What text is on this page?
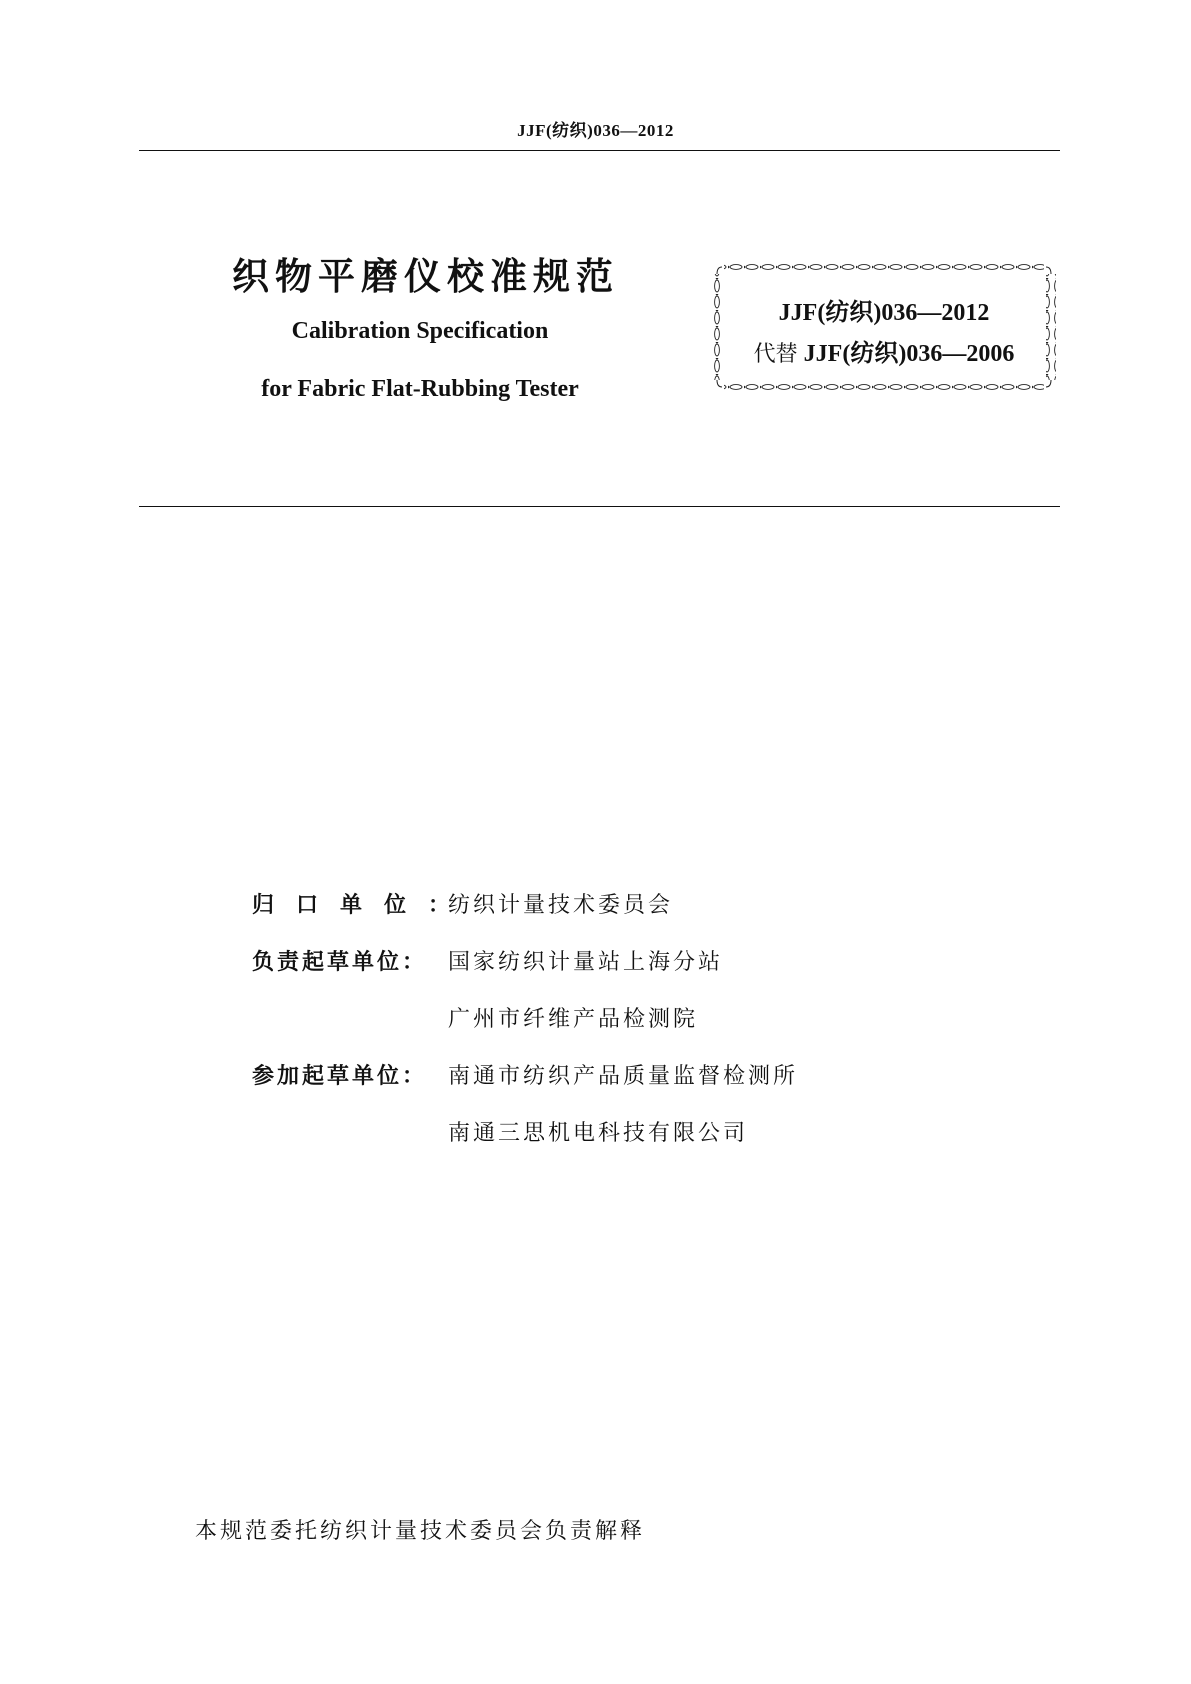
JJF(纺织)036—2012
织物平磨仪校准规范
Calibration Specification
for Fabric Flat-Rubbing Tester
JJF(纺织)036—2012
代替 JJF(纺织)036—2006
归口单位：
纺织计量技术委员会
负责起草单位： 国家纺织计量站上海分站
广州市纤维产品检测院
参加起草单位： 南通市纺织产品质量监督检测所
南通三思机电科技有限公司
本规范委托纺织计量技术委员会负责解释
